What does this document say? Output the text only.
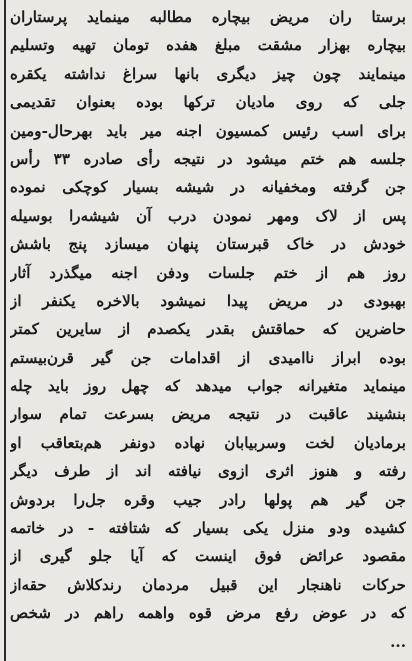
برستا ران مریض بیچاره مطالبه مینماید پرستاران
بیچاره بهزار مشقت مبلغ هفده تومان تهیه وتسلیم
مینمایند چون چیز دیگری بانها سراغ نداشته یکقره
جلی که روی مادیان ترکها بوده بعنوان تقدیمی
برای اسب رئیس کمسیون اجنه میر باید بهرحال-ومین
جلسه هم ختم میشود در نتیجه رأی صادره ۳۳ رأس
جن گرفته ومخفیانه در شیشه بسیار کوچکی نموده
پس از لاک ومهر نمودن درب آن شیشه‌را بوسیله
خودش در خاک قبرستان پنهان میسازد پنج باشش
روز هم از ختم جلسات ودفن اجنه میگذرد آثار
بهبودی در مریض پیدا نمیشود بالاخره یکنفر از
حاضرین که حماقتش بقدر یکصدم از سایرین کمتر
بوده ابراز ناامیدی از اقدامات جن گیر قرن‌بیستم
مینماید متغیرانه جواب میدهد که چهل روز باید چله
بنشیند عاقبت در نتیجه مریض بسرعت تمام سوار
برمادیان لخت وسربیابان نهاده دونفر هم‌بتعاقب او
رفته و هنوز اثری ازوی نیافته اند از طرف دیگر
جن گیر هم پولها رادر جیب وقره جل‌را بردوش
کشیده ودو منزل یکی بسیار که شتافته - در خاتمه
مقصود عرائض فوق اینست که آیا جلو گیری از
حرکات ناهنجار این قبیل مردمان رندکلاش حقه‌از
که در عوض رفع مرض قوه واهمه راهم در شخص
...
